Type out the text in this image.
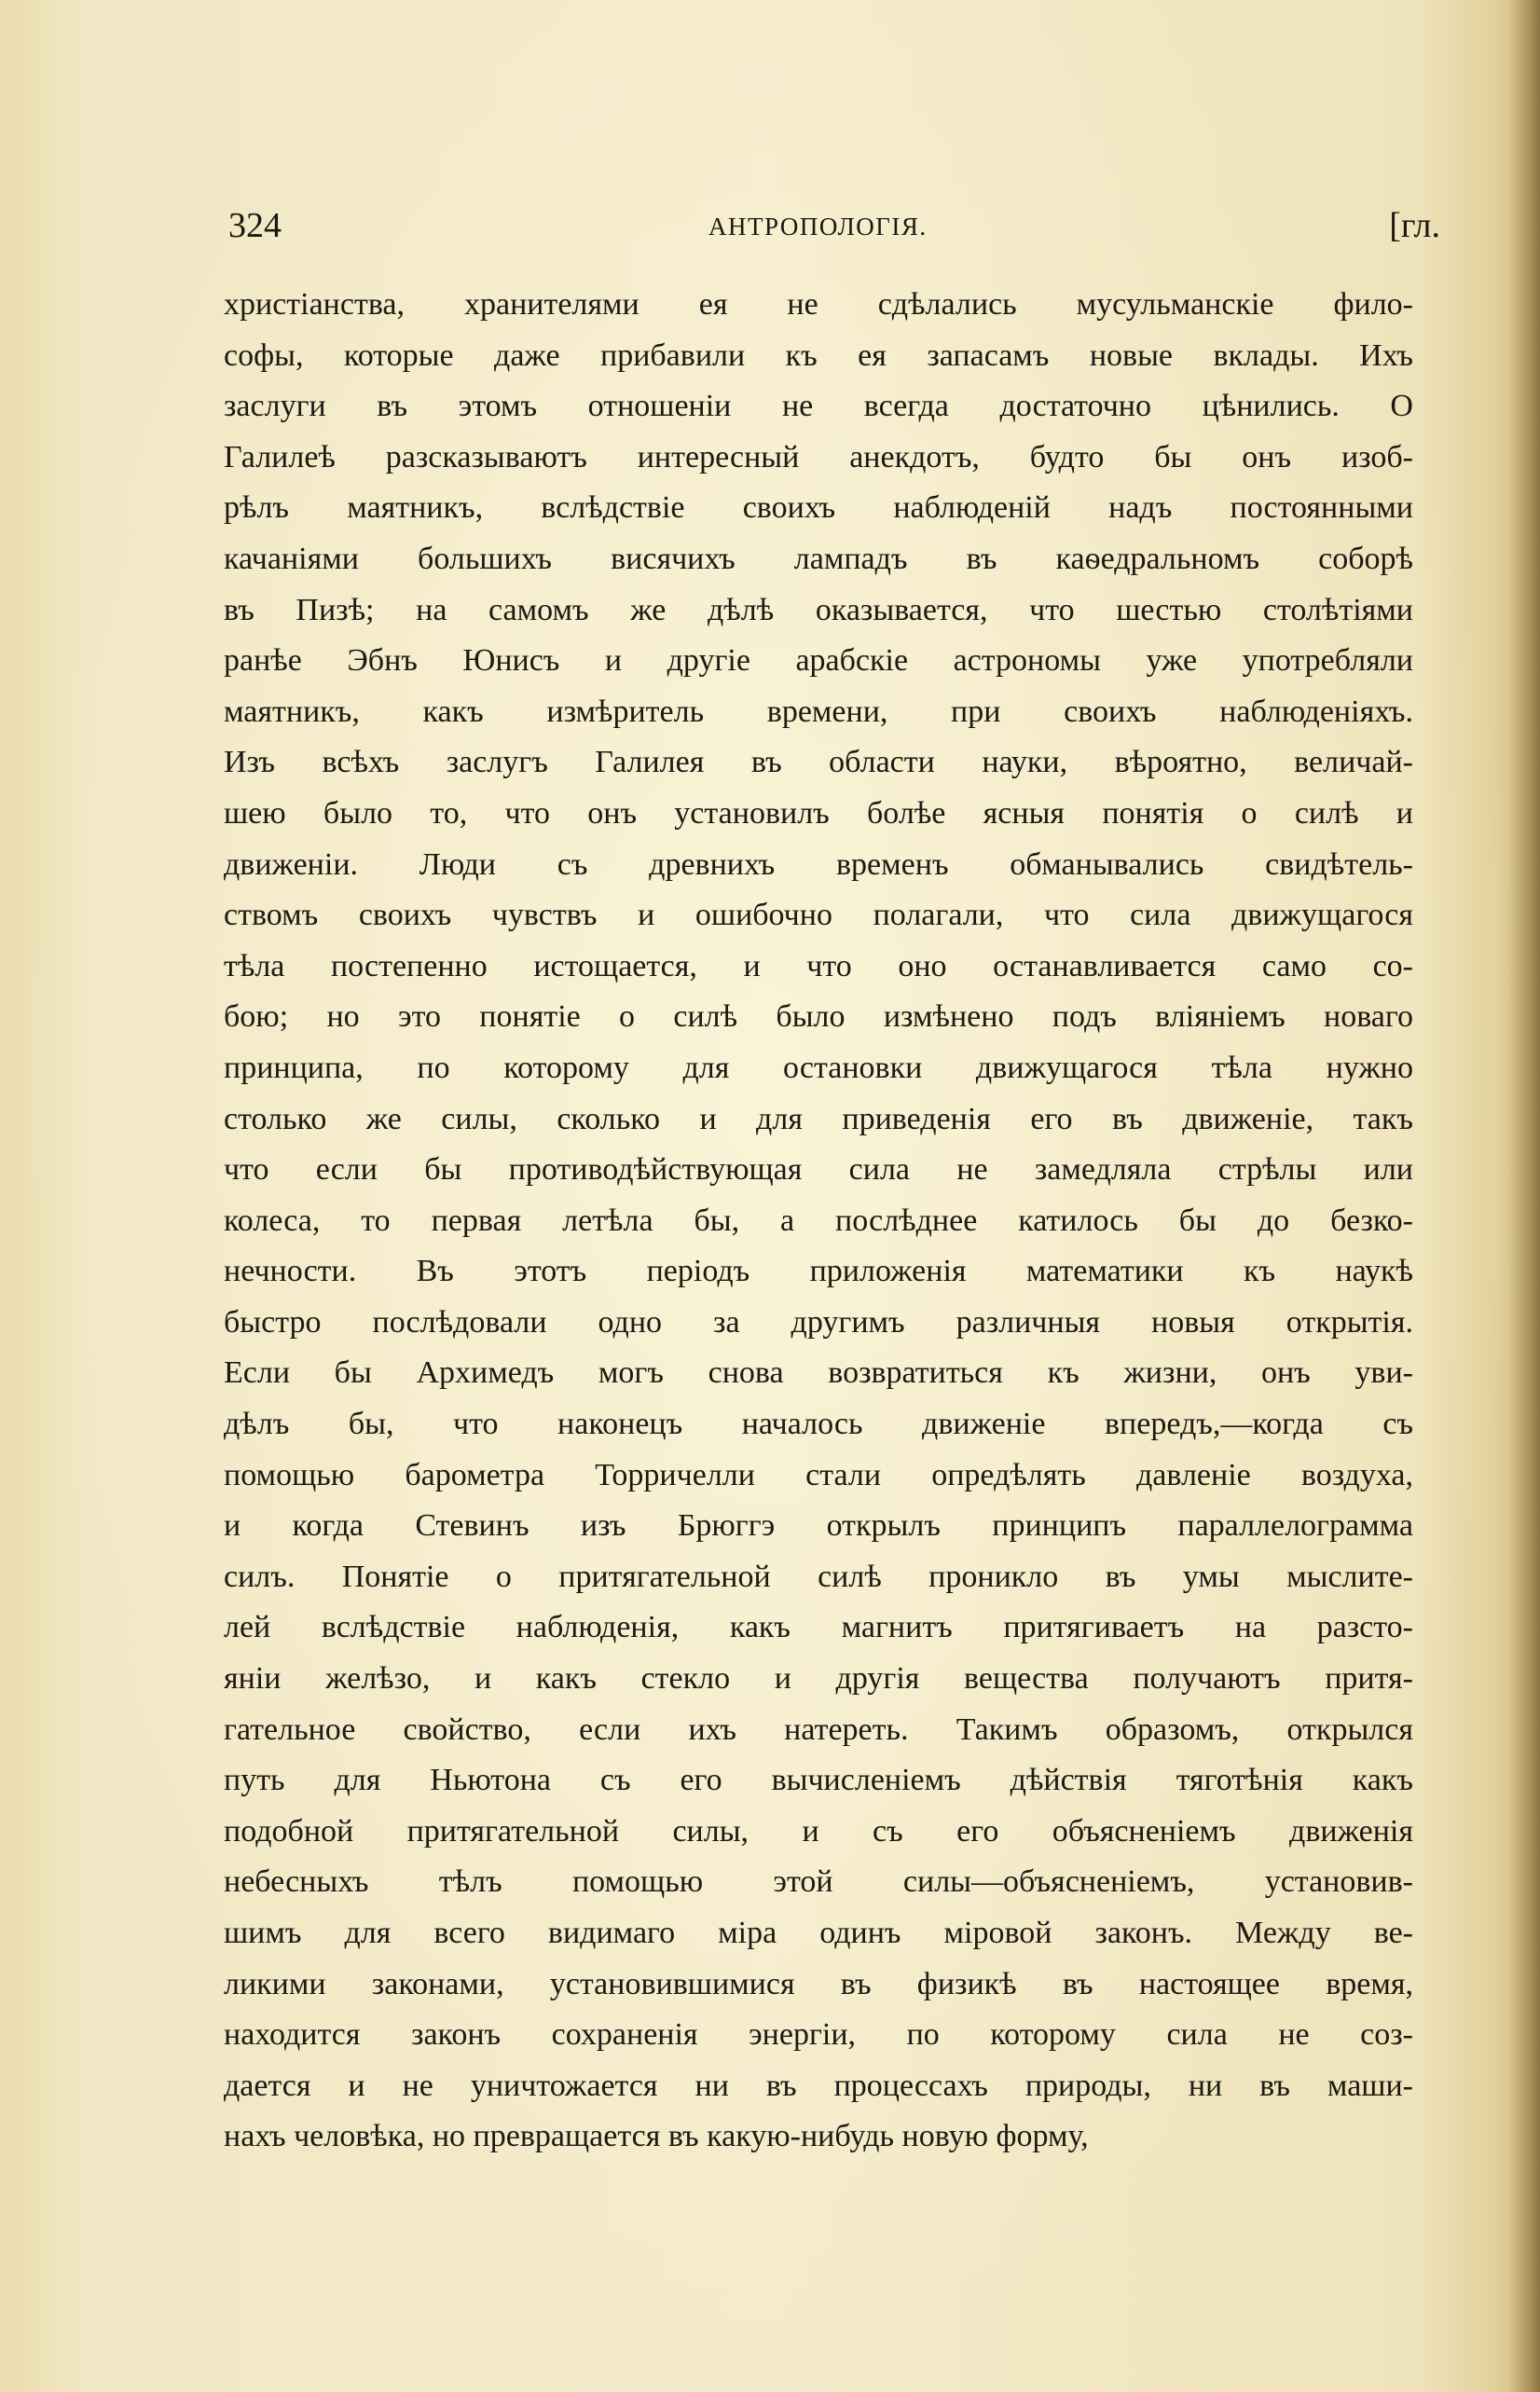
324	АНТРОПОЛОГІЯ.	[гл.
христіанства, хранителями ея не сдѣлались мусульманскіе фило-
софы, которые даже прибавили къ ея запасамъ новые вклады. Ихъ
заслуги въ этомъ отношеніи не всегда достаточно цѣнились. О
Галилеѣ разсказываютъ интересный анекдотъ, будто бы онъ изоб-
рѣлъ маятникъ, вслѣдствіе своихъ наблюденій надъ постоянными
качаніями большихъ висячихъ лампадъ въ каѳедральномъ соборѣ
въ Пизѣ; на самомъ же дѣлѣ оказывается, что шестью столѣтіями
ранѣе Эбнъ Юнисъ и другіе арабскіе астрономы уже употребляли
маятникъ, какъ измѣритель времени, при своихъ наблюденіяхъ.
Изъ всѣхъ заслугъ Галилея въ области науки, вѣроятно, величай-
шею было то, что онъ установилъ болѣе ясныя понятія о силѣ и
движеніи. Люди съ древнихъ временъ обманывались свидѣтель-
ствомъ своихъ чувствъ и ошибочно полагали, что сила движущагося
тѣла постепенно истощается, и что оно останавливается само со-
бою; но это понятіе о силѣ было измѣнено подъ вліяніемъ новаго
принципа, по которому для остановки движущагося тѣла нужно
столько же силы, сколько и для приведенія его въ движеніе, такъ
что если бы противодѣйствующая сила не замедляла стрѣлы или
колеса, то первая летѣла бы, а послѣднее катилось бы до безко-
нечности. Въ этотъ періодъ приложенія математики къ наукѣ
быстро послѣдовали одно за другимъ различныя новыя открытія.
Если бы Архимедъ могъ снова возвратиться къ жизни, онъ уви-
дѣлъ бы, что наконецъ началось движеніе впередъ,—когда съ
помощью барометра Торричелли стали опредѣлять давленіе воздуха,
и когда Стевинъ изъ Брюггэ открылъ принципъ параллелограмма
силъ. Понятіе о притягательной силѣ проникло въ умы мыслите-
лей вслѣдствіе наблюденія, какъ магнитъ притягиваетъ на разсто-
яніи желѣзо, и какъ стекло и другія вещества получаютъ притя-
гательное свойство, если ихъ натереть. Такимъ образомъ, открылся
путь для Ньютона съ его вычисленіемъ дѣйствія тяготѣнія какъ
подобной притягательной силы, и съ его объясненіемъ движенія
небесныхъ тѣлъ помощью этой силы—объясненіемъ, установив-
шимъ для всего видимаго міра одинъ міровой законъ. Между ве-
ликими законами, установившимися въ физикѣ въ настоящее время,
находится законъ сохраненія энергіи, по которому сила не соз-
дается и не уничтожается ни въ процессахъ природы, ни въ маши-
нахъ человѣка, но превращается въ какую-нибудь новую форму,
